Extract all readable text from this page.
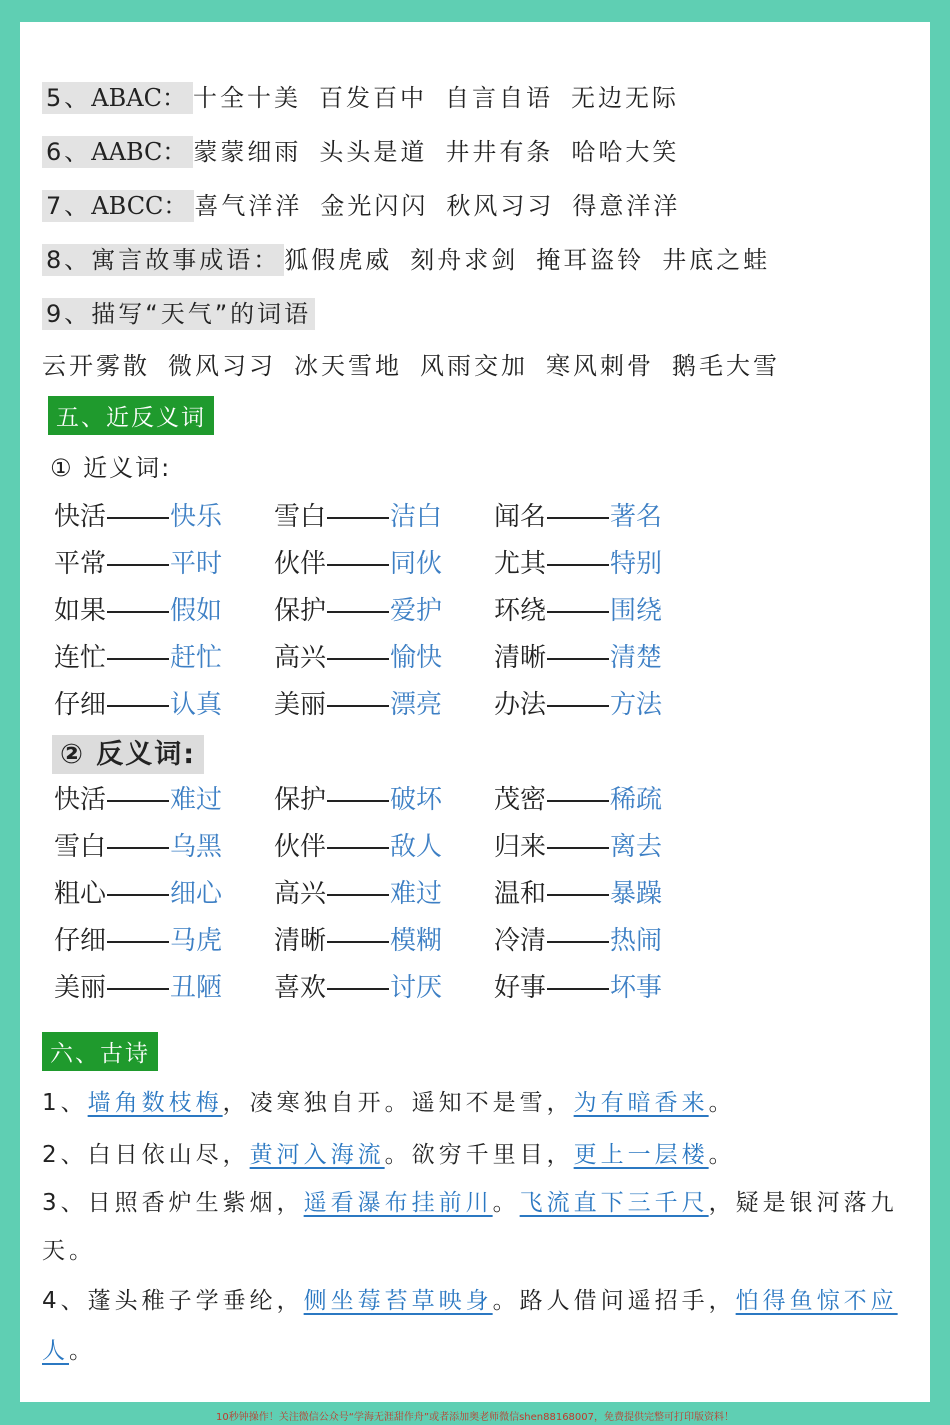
5、ABAC： 十全十美 百发百中 自言自语 无边无际
6、AABC： 蒙蒙细雨 头头是道 井井有条 哈哈大笑
7、ABCC： 喜气洋洋 金光闪闪 秋风习习 得意洋洋
8、寓言故事成语： 狐假虎威 刻舟求剑 掩耳盗铃 井底之蛙
9、描写“天气”的词语
云开雾散 微风习习 冰天雪地 风雨交加 寒风刺骨 鹅毛大雪
五、近反义词
① 近义词:
快活 快乐 雪白 洁白 闻名 著名
平常 平时 伙伴 同伙 尤其 特别
如果 假如 保护 爱护 环绕 围绕
连忙 赶忙 高兴 愉快 清晰 清楚
仔细 认真 美丽 漂亮 办法 方法
② 反义词:
快活 难过 保护 破坏 茂密 稀疏
雪白 乌黑 伙伴 敌人 归来 离去
粗心 细心 高兴 难过 温和 暴躁
仔细 马虎 清晰 模糊 冷清 热闹
美丽 丑陋 喜欢 讨厌 好事 坏事
六、古诗
1、墙角数枝梅，凌寒独自开。遥知不是雪，为有暗香来。
2、白日依山尽，黄河入海流。欲穷千里目，更上一层楼。
3、日照香炉生紫烟，遥看瀑布挂前川。飞流直下三千尺，疑是银河落九
天。
4、蓬头稚子学垂纶，侧坐莓苔草映身。路人借问遥招手，怕得鱼惊不应
人。
10秒钟操作！关注微信公众号“学海无涯甜作舟”或者添加奥老师微信shen88168007，免费提供完整可打印版资料！
